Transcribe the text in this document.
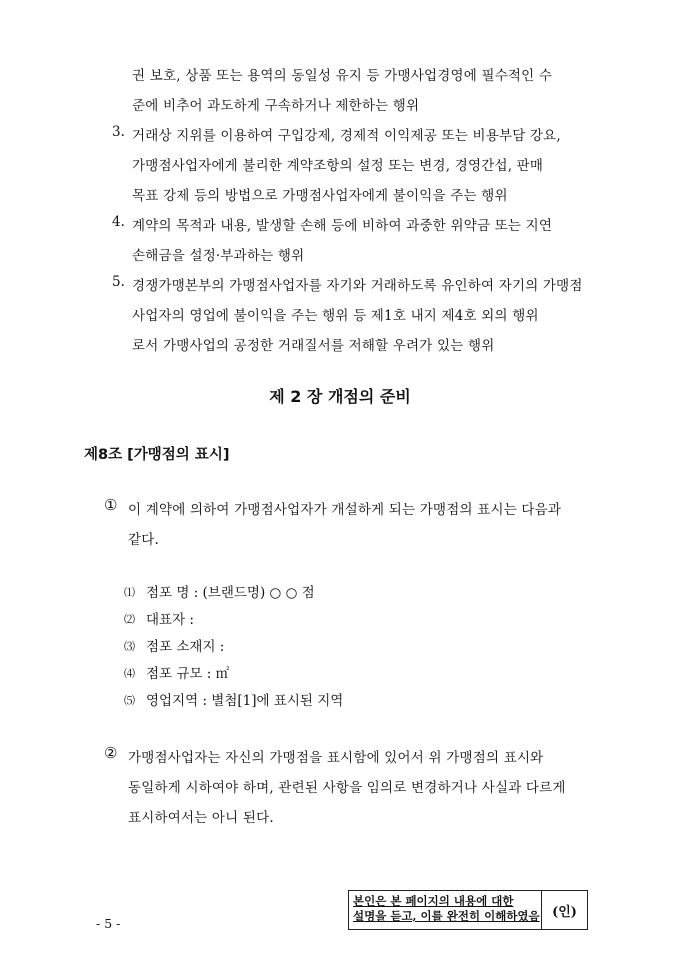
권 보호, 상품 또는 용역의 동일성 유지 등 가맹사업경영에 필수적인 수
준에 비추어 과도하게 구속하거나 제한하는 행위
3. 거래상 지위를 이용하여 구입강제, 경제적 이익제공 또는 비용부담 강요,
가맹점사업자에게 불리한 계약조항의 설정 또는 변경, 경영간섭, 판매
목표 강제 등의 방법으로 가맹점사업자에게 불이익을 주는 행위
4. 계약의 목적과 내용, 발생할 손해 등에 비하여 과중한 위약금 또는 지연
손해금을 설정·부과하는 행위
5. 경쟁가맹본부의 가맹점사업자를 자기와 거래하도록 유인하여 자기의 가맹점
사업자의 영업에 불이익을 주는 행위 등 제1호 내지 제4호 외의 행위
로서 가맹사업의 공정한 거래질서를 저해할 우려가 있는 행위
제 2 장 개점의 준비
제8조 [가맹점의 표시]
① 이 계약에 의하여 가맹점사업자가 개설하게 되는 가맹점의 표시는 다음과
같다.
⑴ 점포 명 : (브랜드명) ○ ○ 점
⑵ 대표자 :
⑶ 점포 소재지 :
⑷ 점포 규모 : ㎡
⑸ 영업지역 : 별첨[1]에 표시된 지역
② 가맹점사업자는 자신의 가맹점을 표시함에 있어서 위 가맹점의 표시와
동일하게 시하여야 하며, 관련된 사항을 임의로 변경하거나 사실과 다르게
표시하여서는 아니 된다.
본인은 본 페이지의 내용에 대한
설명을 듣고, 이를 완전히 이해하였음 (인)
- 5 -
